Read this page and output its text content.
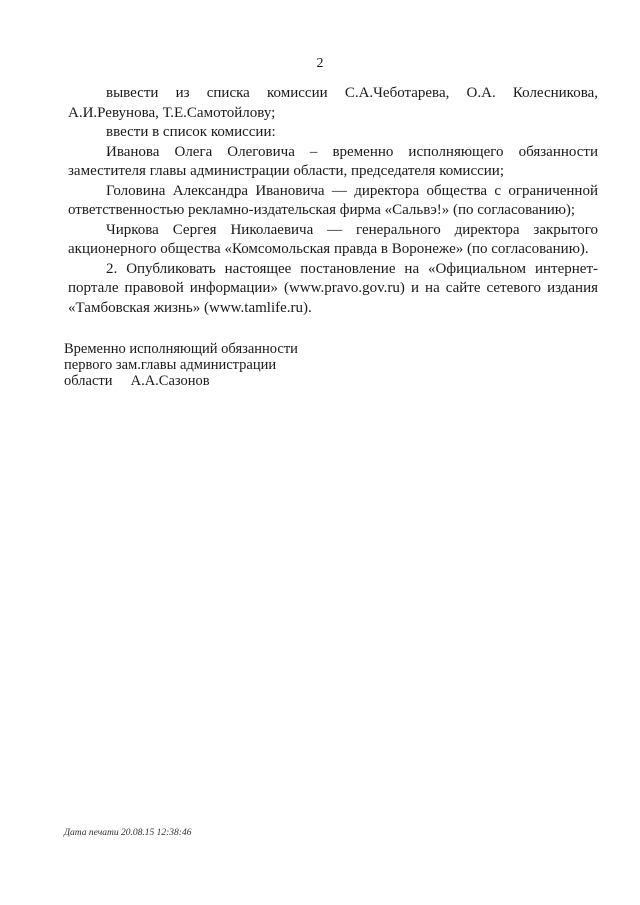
2

вывести из списка комиссии С.А.Чеботарева, О.А. Колесникова, А.И.Ревунова, Т.Е.Самотойлову;

ввести в список комиссии:

Иванова Олега Олеговича – временно исполняющего обязанности заместителя главы администрации области, председателя комиссии;

Головина Александра Ивановича — директора общества с ограниченной ответственностью рекламно-издательская фирма «Сальвэ!» (по согласованию);

Чиркова Сергея Николаевича — генерального директора закрытого акционерного общества «Комсомольская правда в Воронеже» (по согласованию).

2. Опубликовать настоящее постановление на «Официальном интернет-портале правовой информации» (www.pravo.gov.ru) и на сайте сетевого издания «Тамбовская жизнь» (www.tamlife.ru).

Временно исполняющий обязанности
первого зам.главы администрации
области     А.А.Сазонов
Дата печати 20.08.15 12:38:46
